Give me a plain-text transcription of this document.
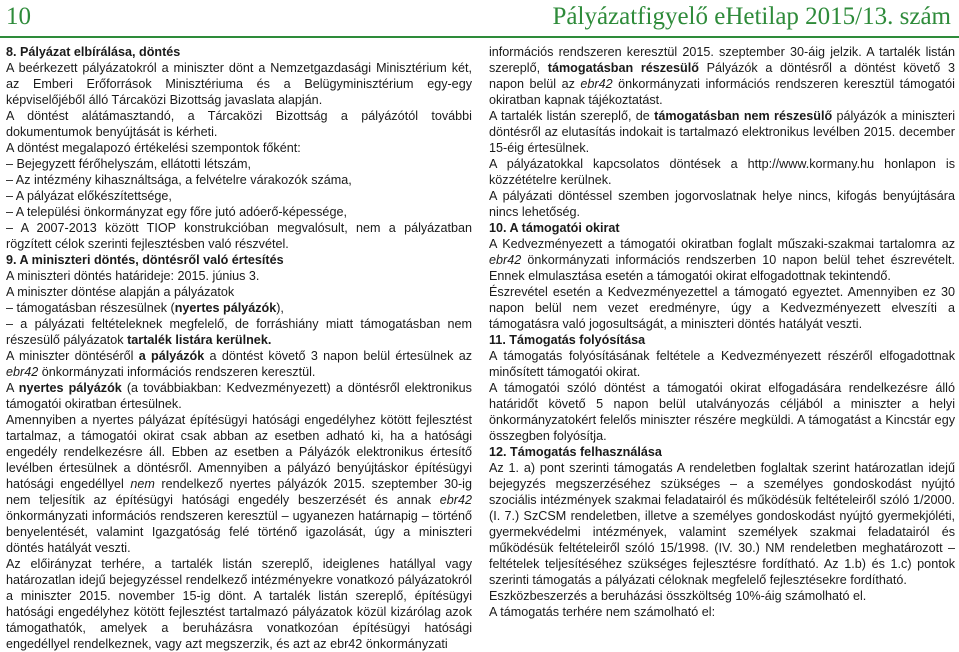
10	Pályázatfigyelő eHetilap 2015/13. szám

8. Pályázat elbírálása, döntés

A beérkezett pályázatokról a miniszter dönt a Nemzetgazdasági Minisztérium két, az Emberi Erőforrások Minisztériuma és a Belügyminisztérium egy-egy képviselőjéből álló Tárcaközi Bizottság javaslata alapján.

A döntést alátámasztandó, a Tárcaközi Bizottság a pályázótól további dokumentumok benyújtását is kérheti.

A döntést megalapozó értékelési szempontok főként:

– Bejegyzett férőhelyszám, ellátotti létszám,

– Az intézmény kihasználtsága, a felvételre várakozók száma,

– A pályázat előkészítettsége,

– A települési önkormányzat egy főre jutó adóerő-képessége,

– A 2007-2013 között TIOP konstrukcióban megvalósult, nem a pályázatban rögzített célok szerinti fejlesztésben való részvétel.

9. A miniszteri döntés, döntésről való értesítés

A miniszteri döntés határideje: 2015. június 3.

A miniszter döntése alapján a pályázatok

– támogatásban részesülnek (nyertes pályázók),

– a pályázati feltételeknek megfelelő, de forráshiány miatt támogatásban nem részesülő pályázatok tartalék listára kerülnek.

A miniszter döntéséről a pályázók a döntést követő 3 napon belül értesülnek az ebr42 önkormányzati információs rendszeren keresztül.

A nyertes pályázók (a továbbiakban: Kedvezményezett) a döntésről elektronikus támogatói okiratban értesülnek.

Amennyiben a nyertes pályázat építésügyi hatósági engedélyhez kötött fejlesztést tartalmaz, a támogatói okirat csak abban az esetben adható ki, ha a hatósági engedély rendelkezésre áll. Ebben az esetben a Pályázók elektronikus értesítő levélben értesülnek a döntésről. Amennyiben a pályázó benyújtáskor építésügyi hatósági engedéllyel nem rendelkező nyertes pályázók 2015. szeptember 30-ig nem teljesítik az építésügyi hatósági engedély beszerzését és annak ebr42 önkormányzati információs rendszeren keresztül – ugyanezen határnapig – történő benyelentését, valamint Igazgatóság felé történő igazolását, úgy a miniszteri döntés hatályát veszti.

Az előirányzat terhére, a tartalék listán szereplő, ideiglenes hatállyal vagy határozatlan idejű bejegyzéssel rendelkező intézményekre vonatkozó pályázatokról a miniszter 2015. november 15-ig dönt. A tartalék listán szereplő, építésügyi hatósági engedélyhez kötött fejlesztést tartalmazó pályázatok közül kizárólag azok támogathatók, amelyek a beruházásra vonatkozóan építésügyi hatósági engedéllyel rendelkeznek, vagy azt megszerzik, és azt az ebr42 önkormányzati

információs rendszeren keresztül 2015. szeptember 30-áig jelzik. A tartalék listán szereplő, támogatásban részesülő Pályázók a döntésről a döntést követő 3 napon belül az ebr42 önkormányzati információs rendszeren keresztül támogatói okiratban kapnak tájékoztatást.

A tartalék listán szereplő, de támogatásban nem részesülő pályázók a miniszteri döntésről az elutasítás indokait is tartalmazó elektronikus levélben 2015. december 15-éig értesülnek.

A pályázatokkal kapcsolatos döntések a http://www.kormany.hu honlapon is közzétételre kerülnek.

A pályázati döntéssel szemben jogorvoslatnak helye nincs, kifogás benyújtására nincs lehetőség.

10. A támogatói okirat

A Kedvezményezett a támogatói okiratban foglalt műszaki-szakmai tartalomra az ebr42 önkormányzati információs rendszerben 10 napon belül tehet észrevételt. Ennek elmulasztása esetén a támogatói okirat elfogadottnak tekintendő.

Észrevétel esetén a Kedvezményezettel a támogató egyeztet. Amennyiben ez 30 napon belül nem vezet eredményre, úgy a Kedvezményezett elveszíti a támogatásra való jogosultságát, a miniszteri döntés hatályát veszti.

11. Támogatás folyósítása

A támogatás folyósításának feltétele a Kedvezményezett részéről elfogadottnak minősített támogatói okirat.

A támogatói szóló döntést a támogatói okirat elfogadására rendelkezésre álló határidőt követő 5 napon belül utalványozás céljából a miniszter a helyi önkormányzatokért felelős miniszter részére megküldi. A támogatást a Kincstár egy összegben folyósítja.

12. Támogatás felhasználása

Az 1. a) pont szerinti támogatás A rendeletben foglaltak szerint határozatlan idejű bejegyzés megszerzéséhez szükséges – a személyes gondoskodást nyújtó szociális intézmények szakmai feladatairól és működésük feltételeiről szóló 1/2000. (I. 7.) SzCSM rendeletben, illetve a személyes gondoskodást nyújtó gyermekjóléti, gyermekvédelmi intézmények, valamint személyek szakmai feladatairól és működésük feltételeiről szóló 15/1998. (IV. 30.) NM rendeletben meghatározott – feltételek teljesítéséhez szükséges fejlesztésre fordítható. Az 1.b) és 1.c) pontok szerinti támogatás a pályázati céloknak megfelelő fejlesztésekre fordítható.

Eszközbeszerzés a beruházási összköltség 10%-áig számolható el.

A támogatás terhére nem számolható el:
